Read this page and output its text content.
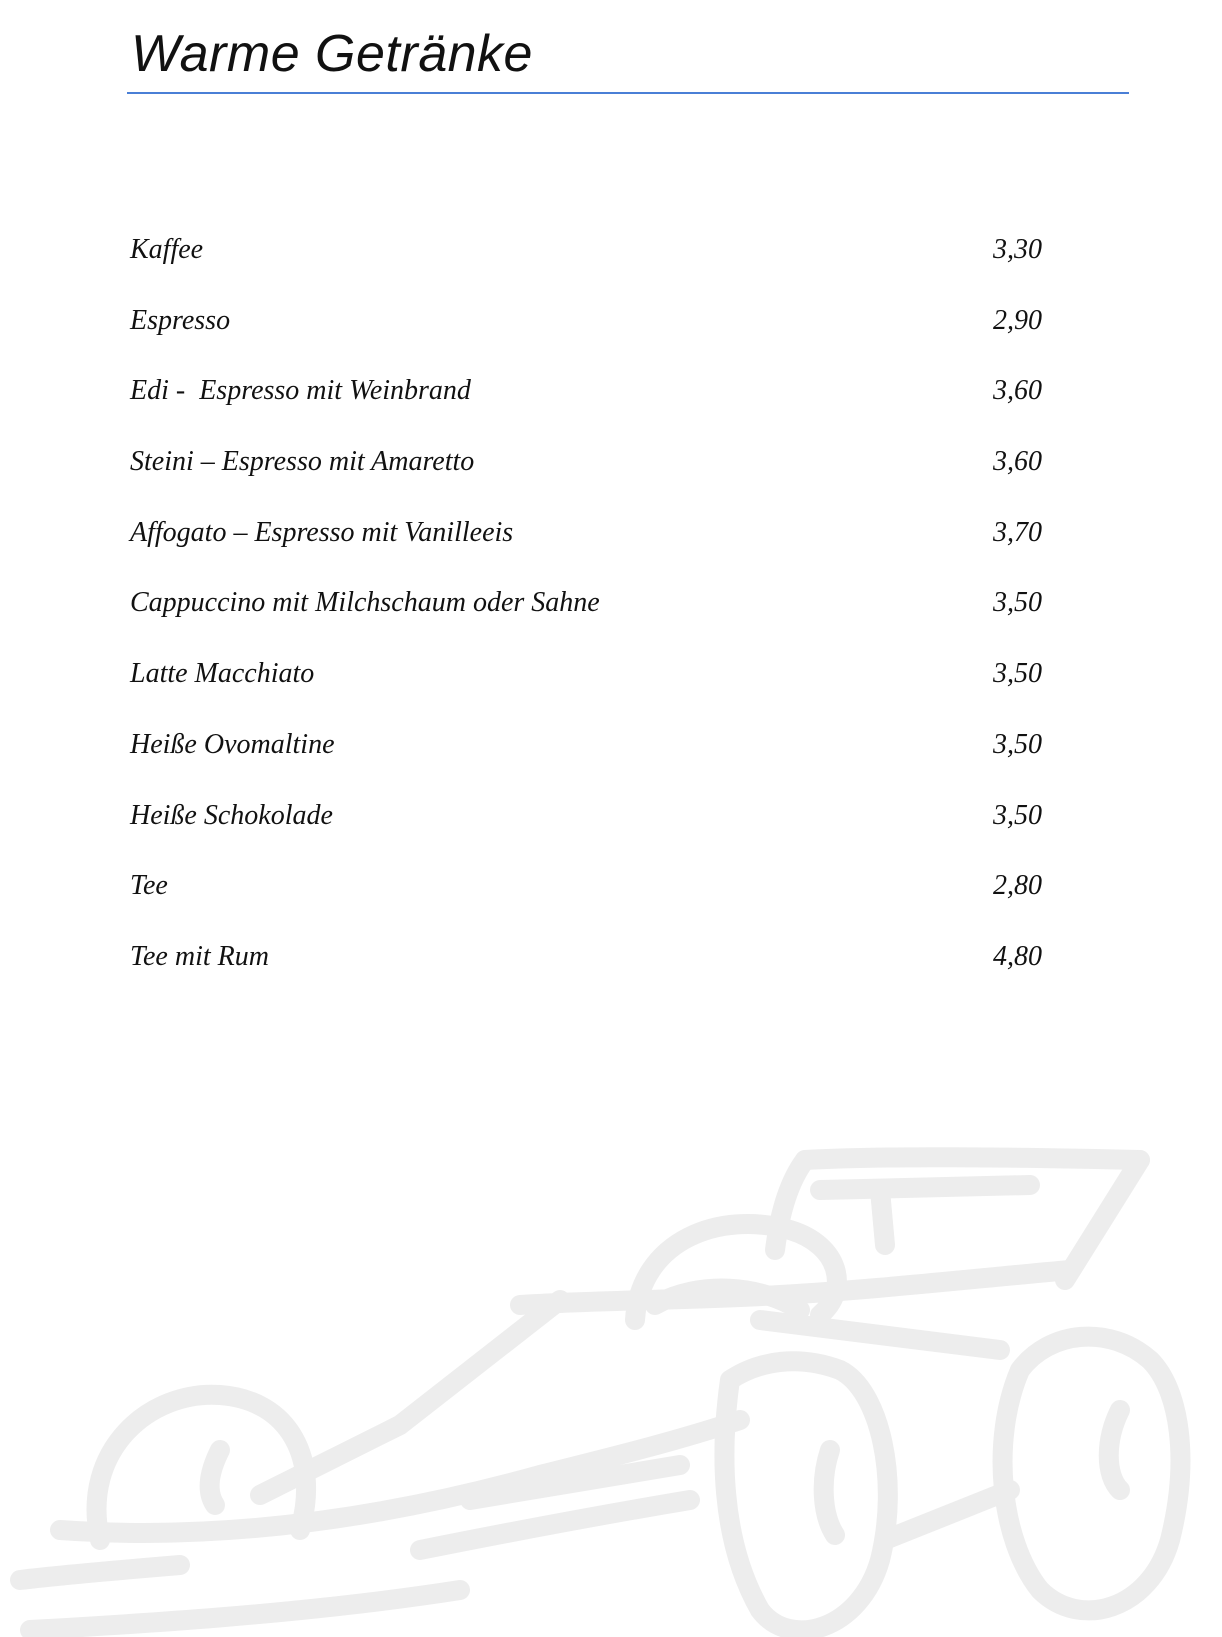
Warme Getränke
Kaffee	3,30
Espresso	2,90
Edi -  Espresso mit Weinbrand	3,60
Steini – Espresso mit Amaretto	3,60
Affogato – Espresso mit Vanilleeis	3,70
Cappuccino mit Milchschaum oder Sahne	3,50
Latte Macchiato	3,50
Heiße Ovomaltine	3,50
Heiße Schokolade	3,50
Tee	2,80
Tee mit Rum	4,80
